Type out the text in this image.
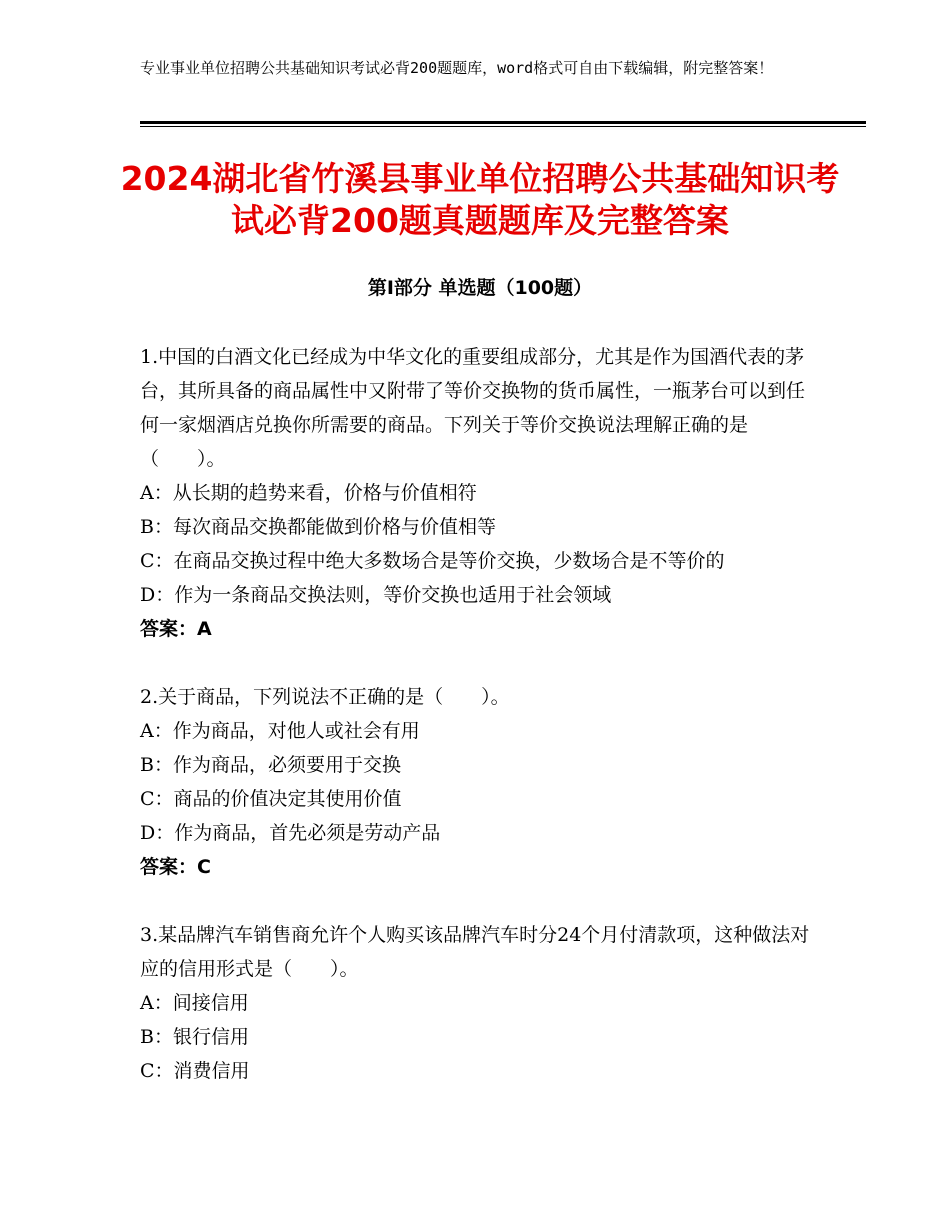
专业事业单位招聘公共基础知识考试必背200题题库，word格式可自由下载编辑，附完整答案！
2024湖北省竹溪县事业单位招聘公共基础知识考试必背200题真题题库及完整答案
第Ⅰ部分 单选题（100题）

1.中国的白酒文化已经成为中华文化的重要组成部分，尤其是作为国酒代表的茅台，其所具备的商品属性中又附带了等价交换物的货币属性，一瓶茅台可以到任何一家烟酒店兑换你所需要的商品。下列关于等价交换说法理解正确的是（　　）。

A：从长期的趋势来看，价格与价值相符

B：每次商品交换都能做到价格与价值相等

C：在商品交换过程中绝大多数场合是等价交换，少数场合是不等价的

D：作为一条商品交换法则，等价交换也适用于社会领域

答案：A

2.关于商品，下列说法不正确的是（　　）。

A：作为商品，对他人或社会有用

B：作为商品，必须要用于交换

C：商品的价值决定其使用价值

D：作为商品，首先必须是劳动产品

答案：C

3.某品牌汽车销售商允许个人购买该品牌汽车时分24个月付清款项，这种做法对应的信用形式是（　　）。

A：间接信用

B：银行信用

C：消费信用
